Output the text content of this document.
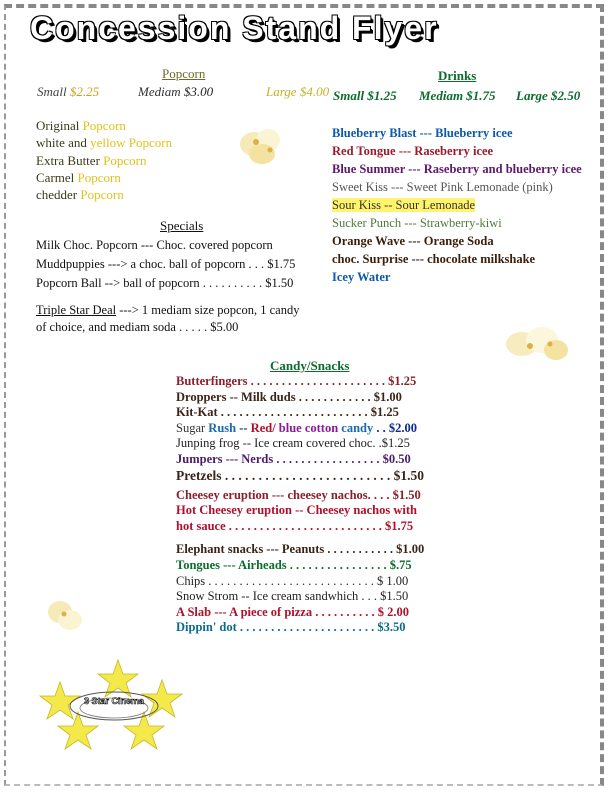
Concession Stand Flyer
Popcorn
Small $2.25	Mediam $3.00	Large $4.00
Drinks
Small $1.25 Mediam $1.75 Large $2.50
Original Popcorn
white and yellow Popcorn
Extra Butter Popcorn
Carmel Popcorn
chedder Popcorn
Blueberry Blast --- Blueberry icee
Red Tongue --- Raseberry icee
Blue Summer --- Raseberry and blueberry icee
Sweet Kiss --- Sweet Pink Lemonade (pink)
Sour Kiss -- Sour Lemonade
Sucker Punch --- Strawberry-kiwi
Orange Wave --- Orange Soda
choc. Surprise --- chocolate milkshake
Icey Water
Specials
Milk Choc. Popcorn --- Choc. covered popcorn
Muddpuppies ---> a choc. ball of popcorn . . . $1.75
Popcorn Ball --> ball of popcorn . . . . . . . . . . $1.50
Triple Star Deal ---> 1 mediam size popcon, 1 candy
of choice, and mediam soda . . . . . $5.00
Candy/Snacks
Butterfingers . . . . . . . . . . . . . . . . . . . . . . $1.25
Droppers -- Milk duds . . . . . . . . . . . . $1.00
Kit-Kat . . . . . . . . . . . . . . . . . . . . . . . . $1.25
Sugar Rush -- Red/ blue cotton candy . . $2.00
Junping frog -- Ice cream covered choc. .$1.25
Jumpers --- Nerds . . . . . . . . . . . . . . . . . $0.50
Pretzels . . . . . . . . . . . . . . . . . . . . . . . . . $1.50
Cheesey eruption --- cheesey nachos. . . . $1.50
Hot Cheesey eruption -- Cheesey nachos with
hot sauce . . . . . . . . . . . . . . . . . . . . . . . . . $1.75
Elephant snacks --- Peanuts . . . . . . . . . . . $1.00
Tongues --- Airheads . . . . . . . . . . . . . . . . $.75
Chips . . . . . . . . . . . . . . . . . . . . . . . . . . . $ 1.00
Snow Strom -- Ice cream sandwhich . . . $1.50
A Slab --- A piece of pizza . . . . . . . . . . $ 2.00
Dippin' dot . . . . . . . . . . . . . . . . . . . . . . $3.50
3 Star Cinema
